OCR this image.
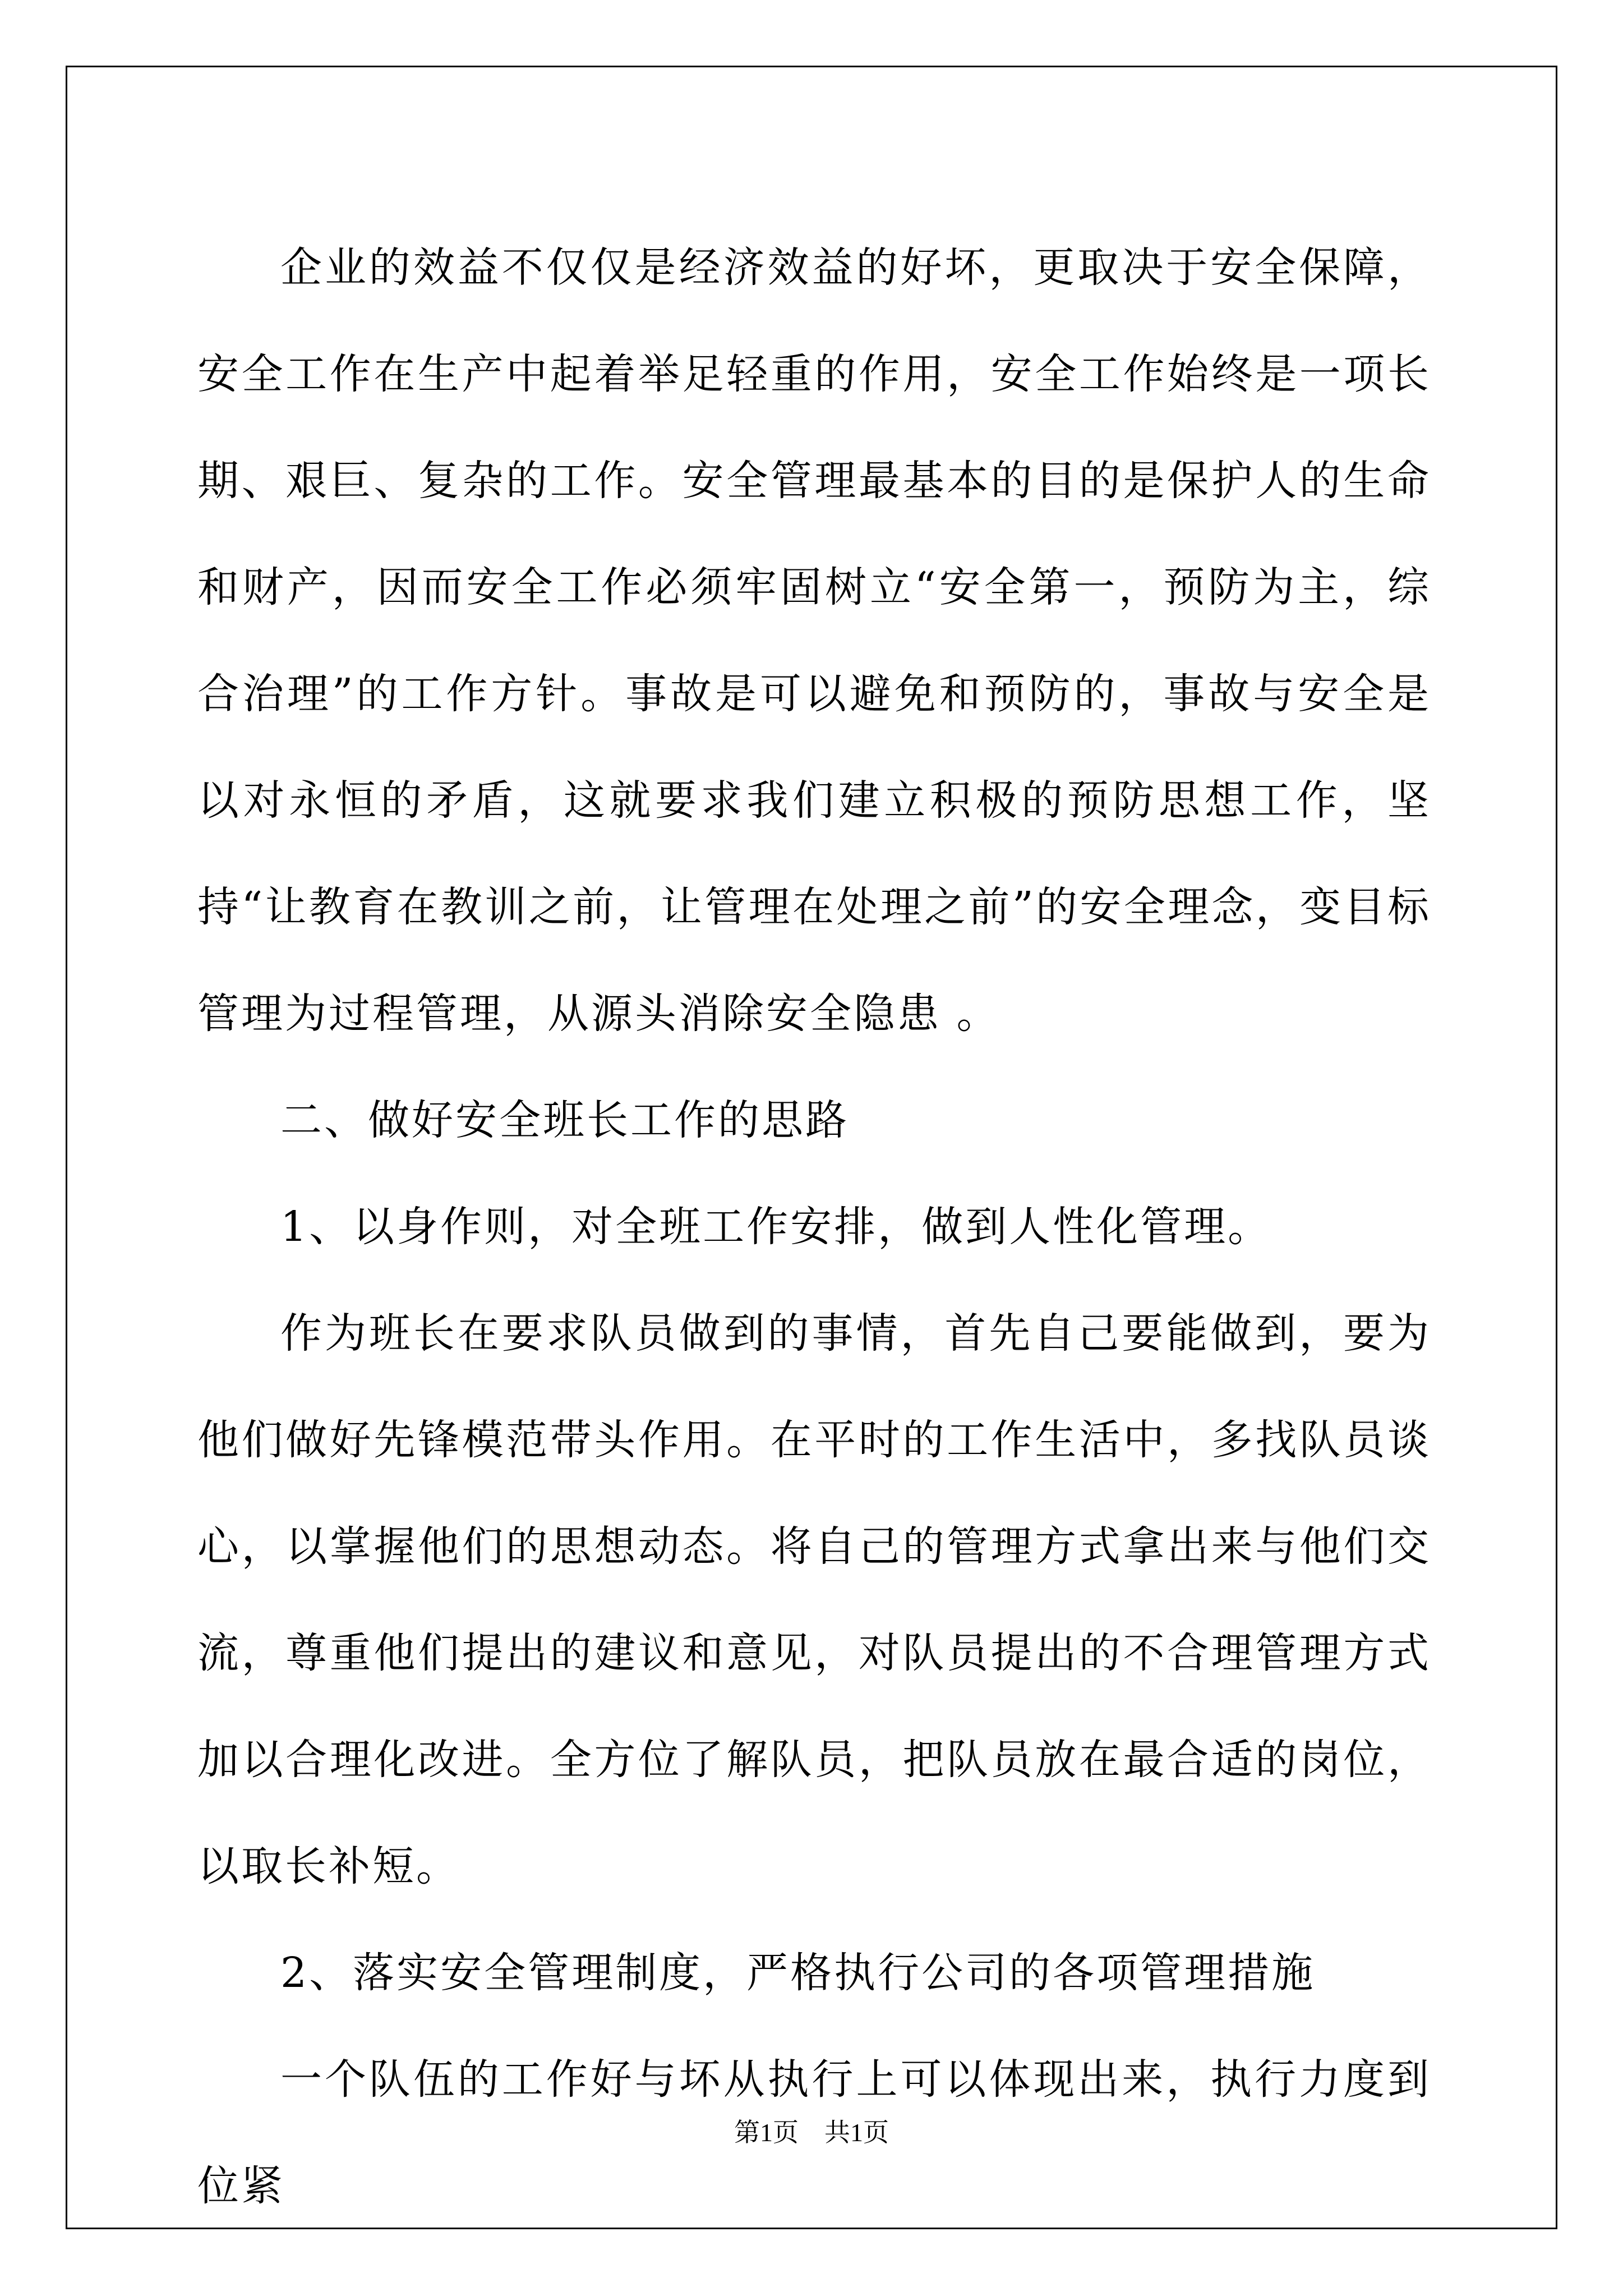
企业的效益不仅仅是经济效益的好坏，更取决于安全保障，安全工作在生产中起着举足轻重的作用，安全工作始终是一项长期、艰巨、复杂的工作。安全管理最基本的目的是保护人的生命和财产，因而安全工作必须牢固树立“安全第一，预防为主，综合治理”的工作方针。事故是可以避免和预防的，事故与安全是以对永恒的矛盾，这就要求我们建立积极的预防思想工作，坚持“让教育在教训之前，让管理在处理之前”的安全理念，变目标管理为过程管理，从源头消除安全隐患 。

二、做好安全班长工作的思路

1、以身作则，对全班工作安排，做到人性化管理。

作为班长在要求队员做到的事情，首先自己要能做到，要为他们做好先锋模范带头作用。在平时的工作生活中，多找队员谈心，以掌握他们的思想动态。将自己的管理方式拿出来与他们交流，尊重他们提出的建议和意见，对队员提出的不合理管理方式加以合理化改进。全方位了解队员，把队员放在最合适的岗位，以取长补短。

2、落实安全管理制度，严格执行公司的各项管理措施

一个队伍的工作好与坏从执行上可以体现出来，执行力度到位紧

第1页 共1页
